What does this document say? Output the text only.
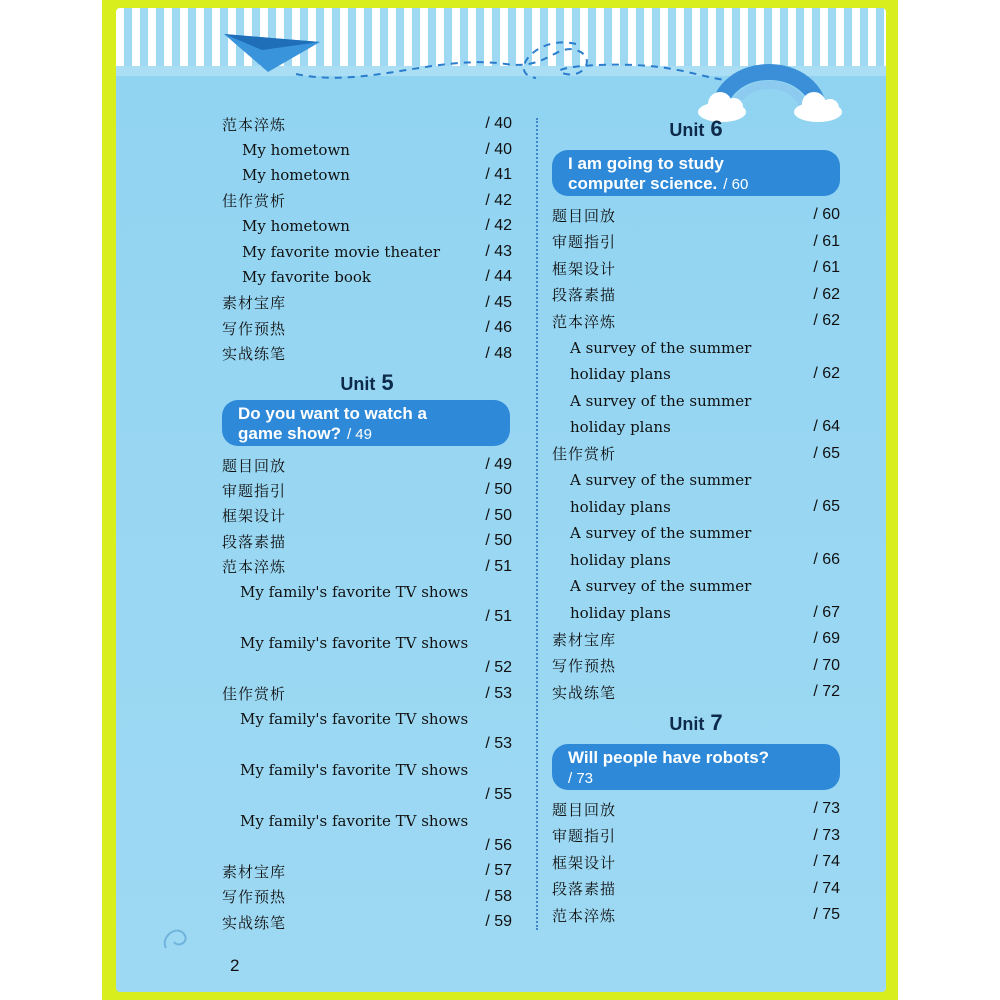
Unit 5
Do you want to watch a
game show? / 49
Unit 6
I am going to study
computer science. / 60
Unit 7
Will people have robots?
/ 73
2
范本淬炼	/ 40
My hometown	/ 40
My hometown	/ 41
佳作赏析	/ 42
My hometown	/ 42
My favorite movie theater	/ 43
My favorite book	/ 44
素材宝库	/ 45
写作预热	/ 46
实战练笔	/ 48
题目回放	/ 49
审题指引	/ 50
框架设计	/ 50
段落素描	/ 50
范本淬炼	/ 51
My family's favorite TV shows
/ 51
My family's favorite TV shows
/ 52
佳作赏析	/ 53
My family's favorite TV shows
/ 53
My family's favorite TV shows
/ 55
My family's favorite TV shows
/ 56
素材宝库	/ 57
写作预热	/ 58
实战练笔	/ 59
题目回放	/ 60
审题指引	/ 61
框架设计	/ 61
段落素描	/ 62
范本淬炼	/ 62
A survey of the summer
holiday plans	/ 62
A survey of the summer
holiday plans	/ 64
佳作赏析	/ 65
A survey of the summer
holiday plans	/ 65
A survey of the summer
holiday plans	/ 66
A survey of the summer
holiday plans	/ 67
素材宝库	/ 69
写作预热	/ 70
实战练笔	/ 72
题目回放	/ 73
审题指引	/ 73
框架设计	/ 74
段落素描	/ 74
范本淬炼	/ 75
